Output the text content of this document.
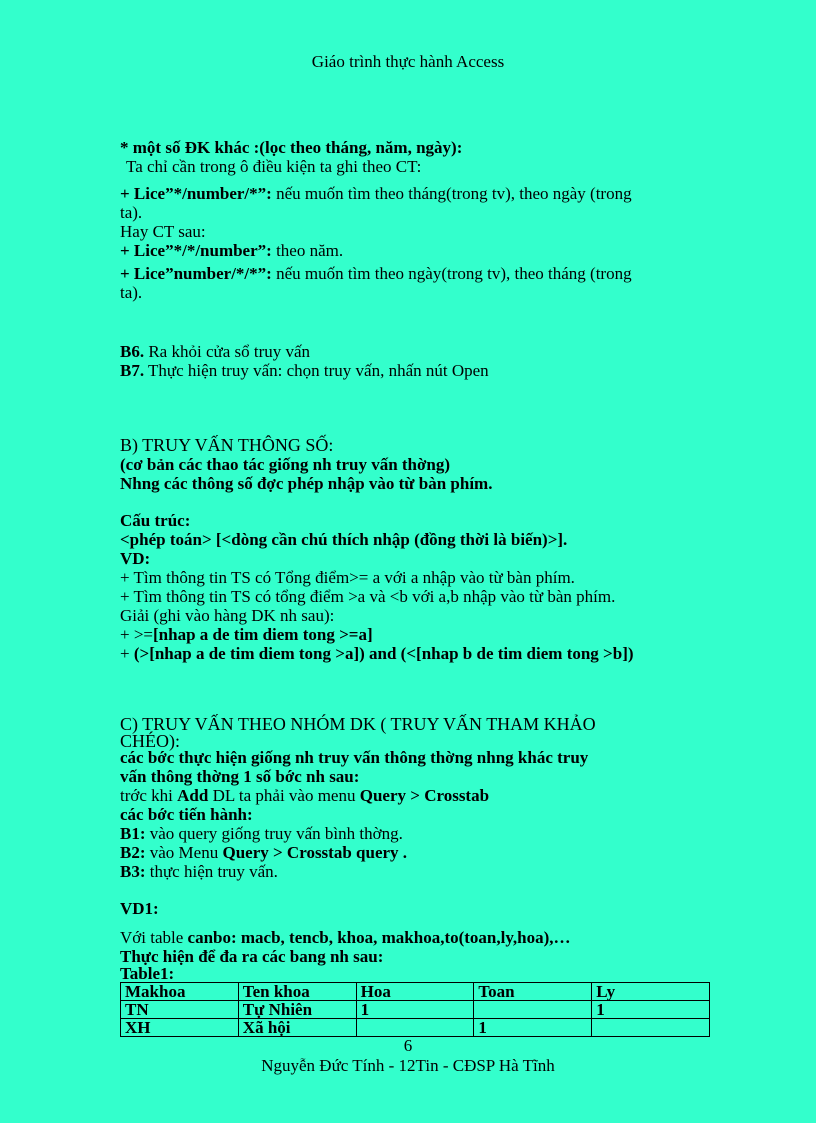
Giáo trình thực hành Access
* một số ĐK khác :(lọc theo tháng, năm, ngày):
Ta chỉ cần trong ô điều kiện ta ghi theo CT:
+ Lice”*/number/*”: nếu muốn tìm theo tháng(trong tv), theo ngày (trong
ta).
Hay CT sau:
+ Lice”*/*/number”: theo năm.
+ Lice”number/*/*”: nếu muốn tìm theo ngày(trong tv), theo tháng (trong
ta).
B6. Ra khỏi cửa sổ truy vấn
B7. Thực hiện truy vấn: chọn truy vấn, nhấn nút Open
B) TRUY VẤN THÔNG SỐ:
(cơ bản các thao tác giống nh truy vấn thờng)
Nhng các thông số đợc phép nhập vào từ bàn phím.
Cấu trúc:
<phép toán> [<dòng cần chú thích nhập (đồng thời là biến)>].
VD:
+ Tìm thông tin TS có Tổng điểm>= a với a nhập vào từ bàn phím.
+ Tìm thông tin TS có tổng điểm >a và <b với a,b nhập vào từ bàn phím.
Giải (ghi vào hàng DK nh sau):
+ >=[nhap a de tim diem tong >=a]
+ (>[nhap a de tim diem tong >a]) and (<[nhap b de tim diem tong >b])
C) TRUY VẤN THEO NHÓM DK ( TRUY VẤN THAM KHẢO
CHÉO):
các bớc thực hiện giống nh truy vấn thông thờng nhng khác truy
vấn thông thờng 1 số bớc nh sau:
trớc khi Add DL ta phải vào menu Query > Crosstab
các bớc tiến hành:
B1: vào query giống truy vấn bình thờng.
B2: vào Menu Query > Crosstab query .
B3: thực hiện truy vấn.
VD1:
Với table canbo: macb, tencb, khoa, makhoa,to(toan,ly,hoa),…
Thực hiện để đa ra các bang nh sau:
Table1:
Makhoa	Ten khoa	Hoa	Toan	Ly
TN	Tự Nhiên	1		1
XH	Xã hội		1	
6
Nguyễn Đức Tính - 12Tin - CĐSP Hà Tĩnh
